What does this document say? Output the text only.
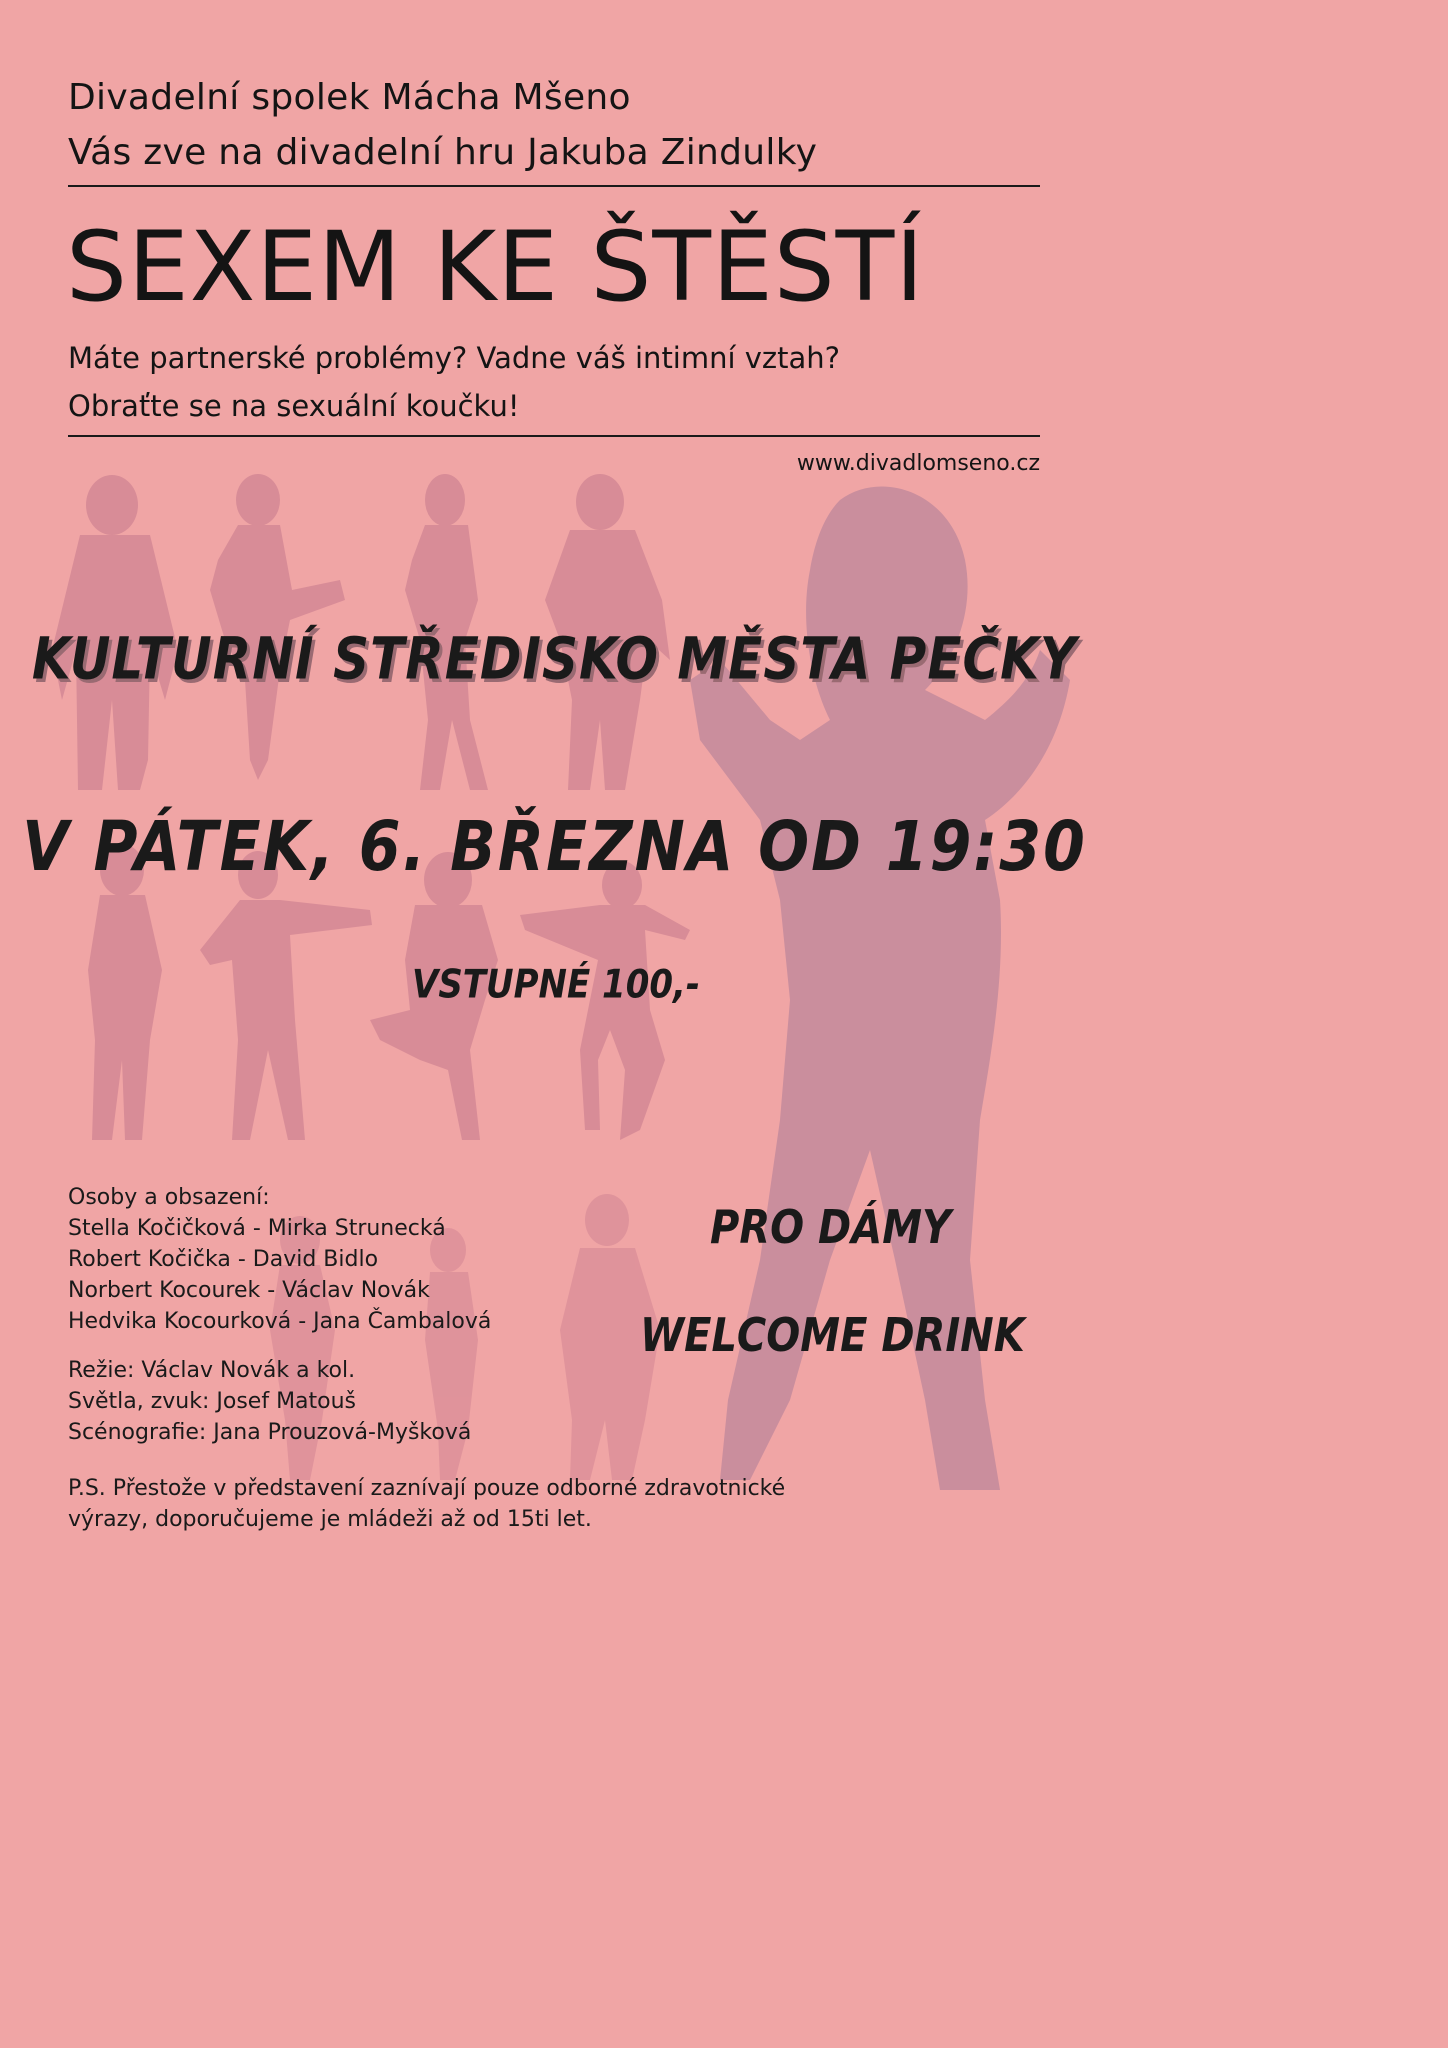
Divadelní spolek Mácha Mšeno
Vás zve na divadelní hru Jakuba Zindulky
SEXEM KE ŠTĚSTÍ
Máte partnerské problémy? Vadne váš intimní vztah?
Obraťte se na sexuální koučku!
www.divadlomseno.cz
KULTURNÍ STŘEDISKO MĚSTA PEČKY
V PÁTEK, 6. BŘEZNA OD 19:30
VSTUPNÉ 100,-
PRO DÁMY
WELCOME DRINK
Osoby a obsazení:
Stella Kočičková - Mirka Strunecká
Robert Kočička - David Bidlo
Norbert Kocourek - Václav Novák
Hedvika Kocourková - Jana Čambalová
Režie: Václav Novák a kol.
Světla, zvuk: Josef Matouš
Scénografie: Jana Prouzová-Myšková
P.S. Přestože v představení zaznívají pouze odborné zdravotnické
výrazy, doporučujeme je mládeži až od 15ti let.
